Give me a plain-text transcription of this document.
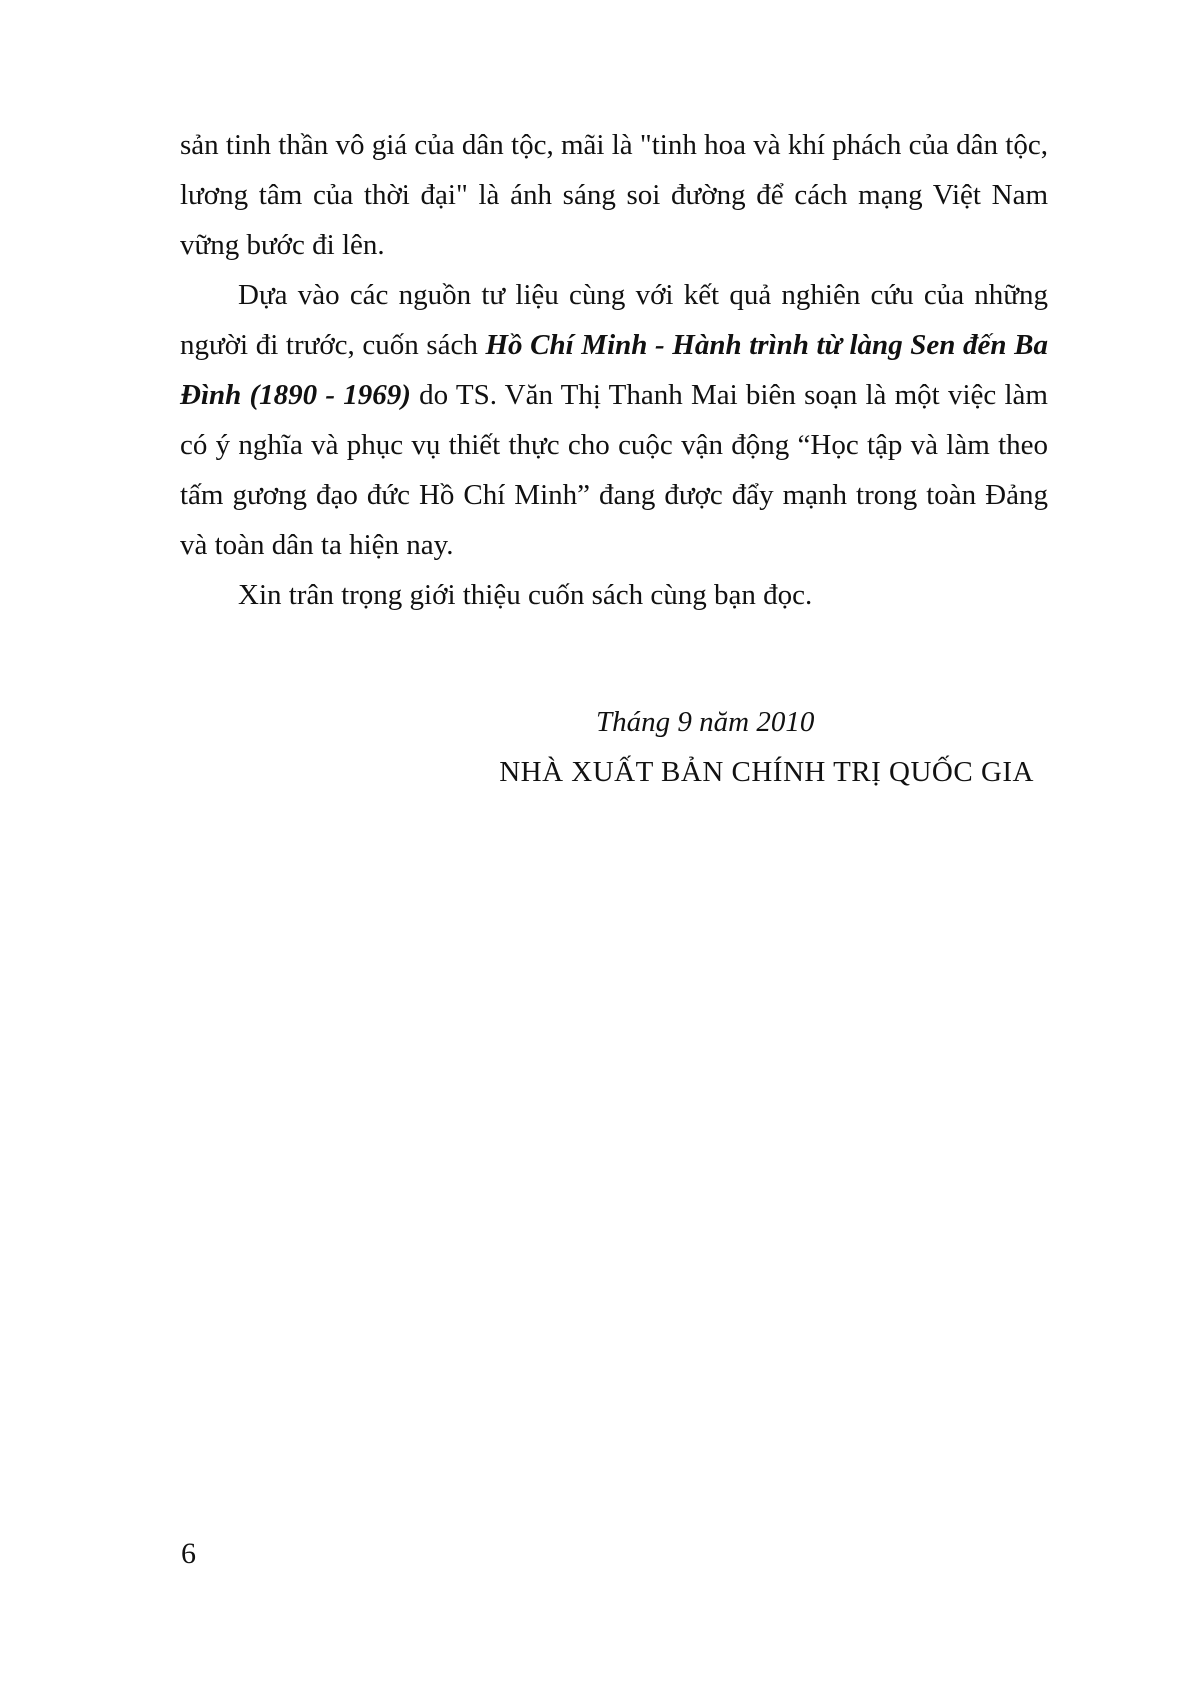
sản tinh thần vô giá của dân tộc, mãi là "tinh hoa và khí phách của dân tộc, lương tâm của thời đại" là ánh sáng soi đường để cách mạng Việt Nam vững bước đi lên.

Dựa vào các nguồn tư liệu cùng với kết quả nghiên cứu của những người đi trước, cuốn sách Hồ Chí Minh - Hành trình từ làng Sen đến Ba Đình (1890 - 1969) do TS. Văn Thị Thanh Mai biên soạn là một việc làm có ý nghĩa và phục vụ thiết thực cho cuộc vận động “Học tập và làm theo tấm gương đạo đức Hồ Chí Minh” đang được đẩy mạnh trong toàn Đảng và toàn dân ta hiện nay.

Xin trân trọng giới thiệu cuốn sách cùng bạn đọc.

Tháng 9 năm 2010
NHÀ XUẤT BẢN CHÍNH TRỊ QUỐC GIA
6
